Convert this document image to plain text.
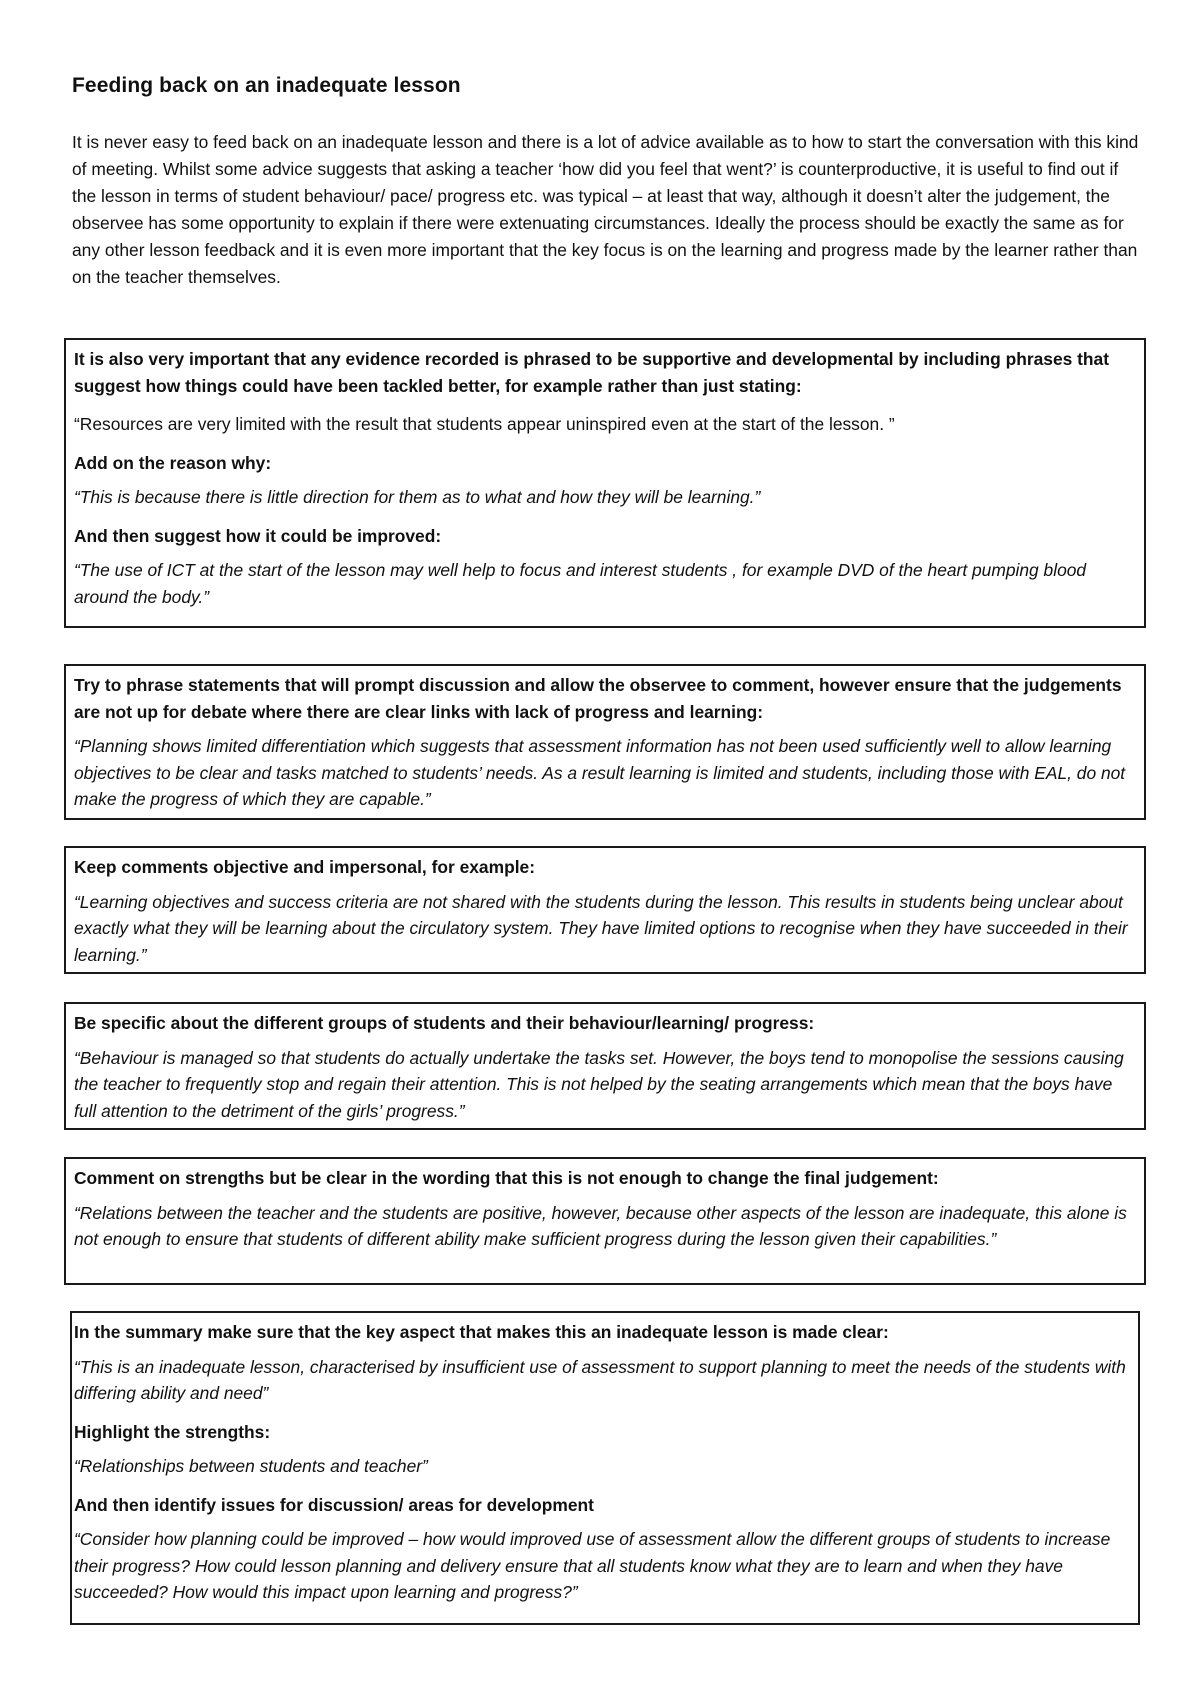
Feeding back on an inadequate lesson

It is never easy to feed back on an inadequate lesson and there is a lot of advice available as to how to start the conversation with this kind of meeting. Whilst some advice suggests that asking a teacher ‘how did you feel that went?’ is counterproductive, it is useful to find out if the lesson in terms of student behaviour/ pace/ progress etc. was typical – at least that way, although it doesn’t alter the judgement, the observee has some opportunity to explain if there were extenuating circumstances. Ideally the process should be exactly the same as for any other lesson feedback and it is even more important that the key focus is on the learning and progress made by the learner rather than on the teacher themselves.

It is also very important that any evidence recorded is phrased to be supportive and developmental by including phrases that suggest how things could have been tackled better, for example rather than just stating:

“Resources are very limited with the result that students appear uninspired even at the start of the lesson. ”

Add on the reason why:

“This is because there is little direction for them as to what and how they will be learning.”

And then suggest how it could be improved:

“The use of ICT at the start of the lesson may well help to focus and interest students , for example DVD of the heart pumping blood around the body.”

Try to phrase statements that will prompt discussion and allow the observee to comment, however ensure that the judgements are not up for debate where there are clear links with lack of progress and learning:

“Planning shows limited differentiation which suggests that assessment information has not been used sufficiently well to allow learning objectives to be clear and tasks matched to students’ needs. As a result learning is limited and students, including those with EAL, do not make the progress of which they are capable.”

Keep comments objective and impersonal, for example:

“Learning objectives and success criteria are not shared with the students during the lesson. This results in students being unclear about exactly what they will be learning about the circulatory system. They have limited options to recognise when they have succeeded in their learning.”

Be specific about the different groups of students and their behaviour/learning/ progress:

“Behaviour is managed so that students do actually undertake the tasks set. However, the boys tend to monopolise the sessions causing the teacher to frequently stop and regain their attention. This is not helped by the seating arrangements which mean that the boys have full attention to the detriment of the girls’ progress.”

Comment on strengths but be clear in the wording that this is not enough to change the final judgement:

“Relations between the teacher and the students are positive, however, because other aspects of the lesson are inadequate, this alone is not enough to ensure that students of different ability make sufficient progress during the lesson given their capabilities.”

In the summary make sure that the key aspect that makes this an inadequate lesson is made clear:

“This is an inadequate lesson, characterised by insufficient use of assessment to support planning to meet the needs of the students with differing ability and need”

Highlight the strengths:

“Relationships between students and teacher”

And then identify issues for discussion/ areas for development

“Consider how planning could be improved – how would improved use of assessment allow the different groups of students to increase their progress? How could lesson planning and delivery ensure that all students know what they are to learn and when they have succeeded? How would this impact upon learning and progress?”
